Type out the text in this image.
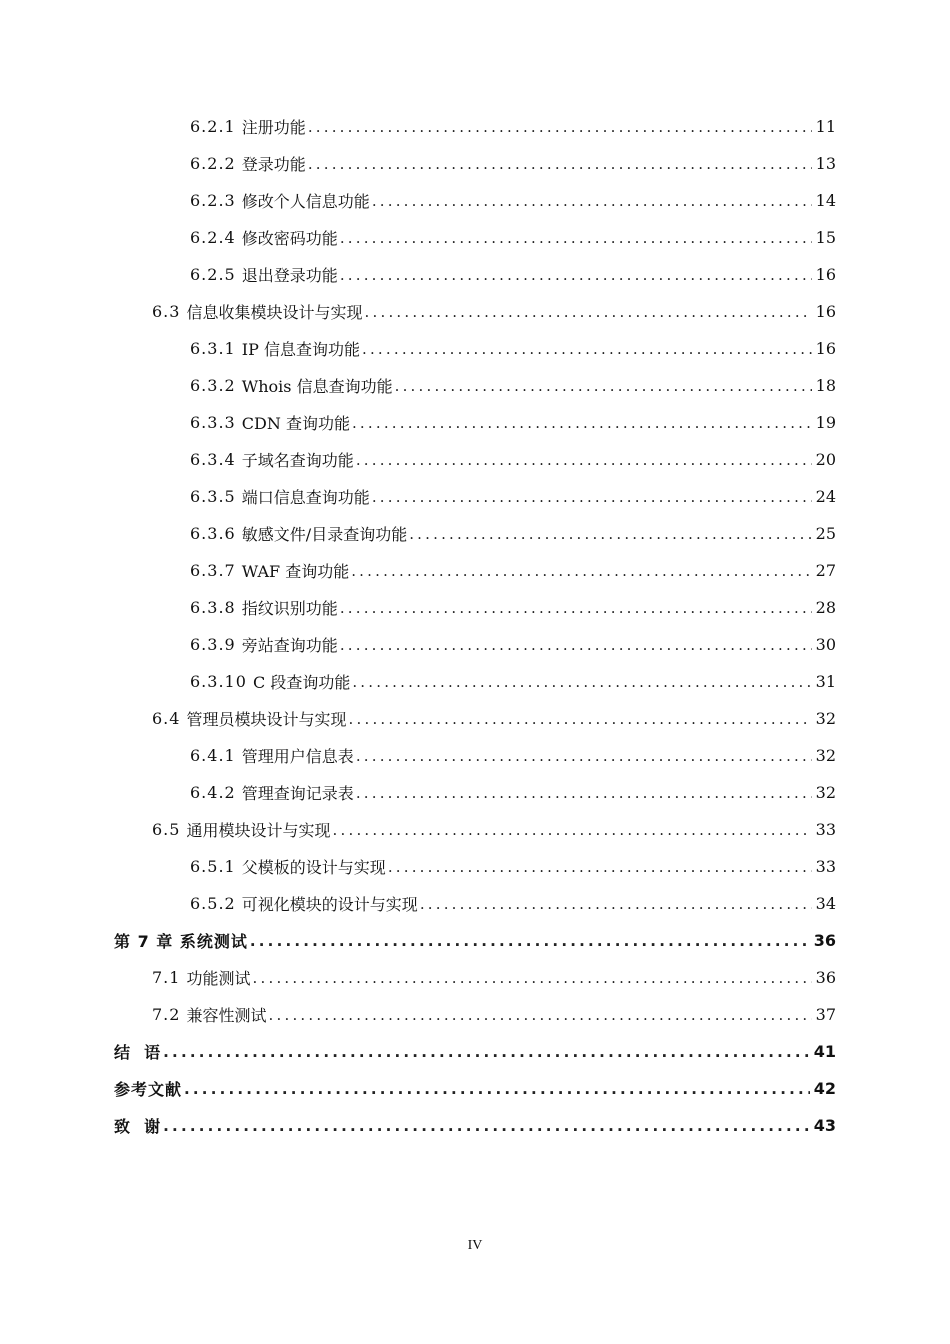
6.2.1 注册功能 .....	11
6.2.2 登录功能 .....	13
6.2.3 修改个人信息功能 .....	14
6.2.4 修改密码功能 .....	15
6.2.5 退出登录功能 .....	16
6.3 信息收集模块设计与实现 .....	16
6.3.1 IP 信息查询功能 .....	16
6.3.2 Whois 信息查询功能 .....	18
6.3.3 CDN 查询功能 .....	19
6.3.4 子域名查询功能 .....	20
6.3.5 端口信息查询功能 .....	24
6.3.6 敏感文件/目录查询功能 .....	25
6.3.7 WAF 查询功能 .....	27
6.3.8 指纹识别功能 .....	28
6.3.9 旁站查询功能 .....	30
6.3.10 C 段查询功能 .....	31
6.4 管理员模块设计与实现 .....	32
6.4.1 管理用户信息表 .....	32
6.4.2 管理查询记录表 .....	32
6.5 通用模块设计与实现 .....	33
6.5.1 父模板的设计与实现 .....	33
6.5.2 可视化模块的设计与实现 .....	34
第 7 章 系统测试 .....	36
7.1 功能测试 .....	36
7.2 兼容性测试 .....	37
结  语 .....	41
参考文献 .....	42
致  谢 .....	43
IV
